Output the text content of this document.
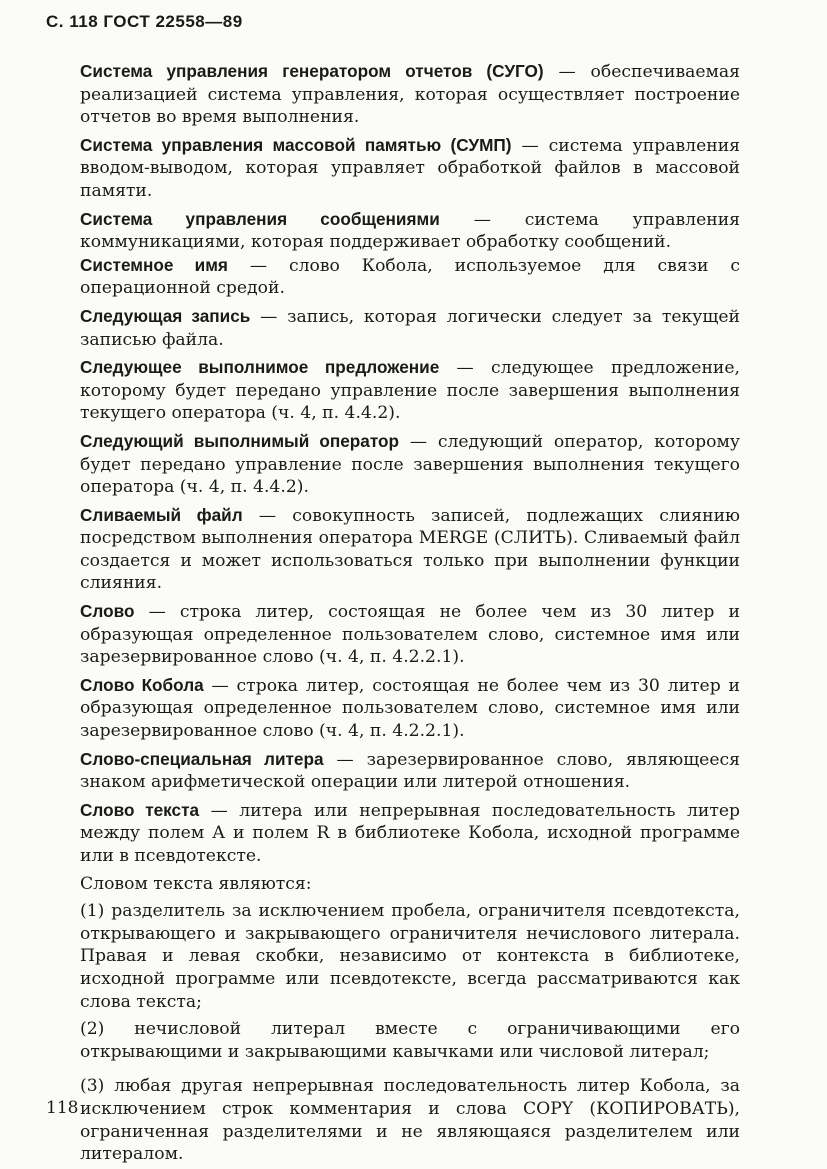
С. 118 ГОСТ 22558—89

Система управления генератором отчетов (СУГО) — обеспечиваемая реализацией система управления, которая осуществляет построение отчетов во время выполнения.

Система управления массовой памятью (СУМП) — система управления вводом-выводом, которая управляет обработкой файлов в массовой памяти.

Система управления сообщениями — система управления коммуникациями, которая поддерживает обработку сообщений.

Системное имя — слово Кобола, используемое для связи с операционной средой.

Следующая запись — запись, которая логически следует за текущей записью файла.

Следующее выполнимое предложение — следующее предложение, которому будет передано управление после завершения выполнения текущего оператора (ч. 4, п. 4.4.2).

Следующий выполнимый оператор — следующий оператор, которому будет передано управление после завершения выполнения текущего оператора (ч. 4, п. 4.4.2).

Сливаемый файл — совокупность записей, подлежащих слиянию посредством выполнения оператора MERGE (СЛИТЬ). Сливаемый файл создается и может использоваться только при выполнении функции слияния.

Слово — строка литер, состоящая не более чем из 30 литер и образующая определенное пользователем слово, системное имя или зарезервированное слово (ч. 4, п. 4.2.2.1).

Слово Кобола — строка литер, состоящая не более чем из 30 литер и образующая определенное пользователем слово, системное имя или зарезервированное слово (ч. 4, п. 4.2.2.1).

Слово-специальная литера — зарезервированное слово, являющееся знаком арифметической операции или литерой отношения.

Слово текста — литера или непрерывная последовательность литер между полем А и полем R в библиотеке Кобола, исходной программе или в псевдотексте.

Словом текста являются:

(1) разделитель за исключением пробела, ограничителя псевдотекста, открывающего и закрывающего ограничителя нечислового литерала. Правая и левая скобки, независимо от контекста в библиотеке, исходной программе или псевдотексте, всегда рассматриваются как слова текста;

(2) нечисловой литерал вместе с ограничивающими его открывающими и закрывающими кавычками или числовой литерал;

(3) любая другая непрерывная последовательность литер Кобола, за исключением строк комментария и слова COPY (КОПИРОВАТЬ), ограниченная разделителями и не являющаяся разделителем или литералом.

118
